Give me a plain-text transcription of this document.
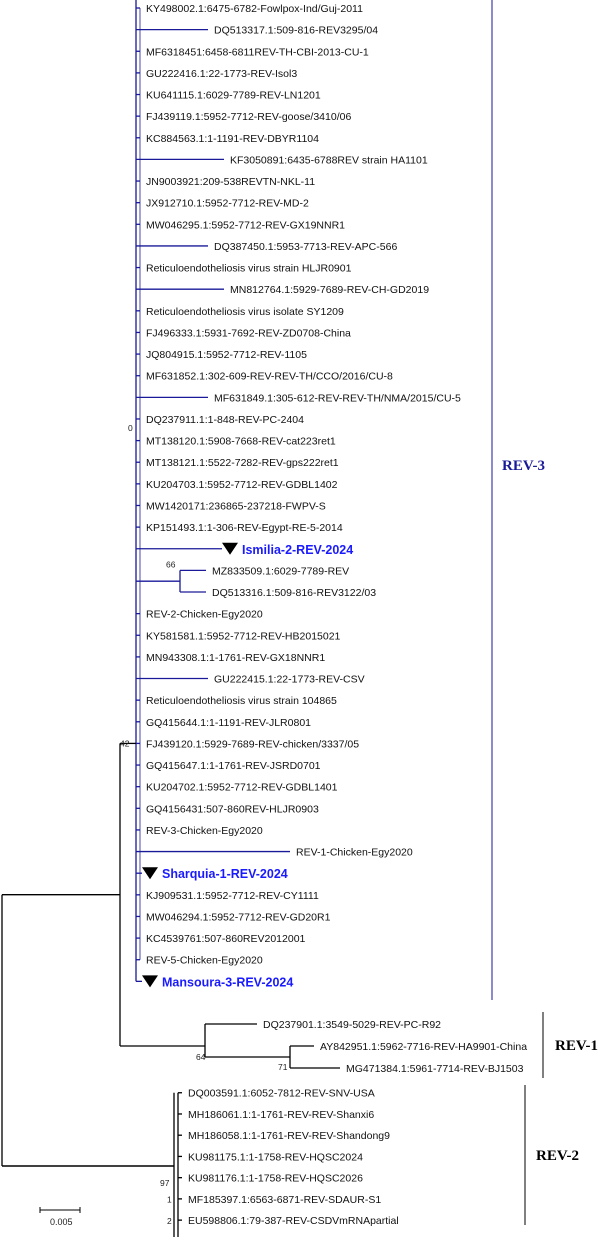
KY498002.1:6475-6782-Fowlpox-Ind/Guj-2011
DQ513317.1:509-816-REV3295/04
MF6318451:6458-6811REV-TH-CBI-2013-CU-1
GU222416.1:22-1773-REV-Isol3
KU641115.1:6029-7789-REV-LN1201
FJ439119.1:5952-7712-REV-goose/3410/06
KC884563.1:1-1191-REV-DBYR1104
KF3050891:6435-6788REV strain HA1101
JN9003921:209-538REVTN-NKL-11
JX912710.1:5952-7712-REV-MD-2
MW046295.1:5952-7712-REV-GX19NNR1
DQ387450.1:5953-7713-REV-APC-566
Reticuloendotheliosis virus strain HLJR0901
MN812764.1:5929-7689-REV-CH-GD2019
Reticuloendotheliosis virus isolate SY1209
FJ496333.1:5931-7692-REV-ZD0708-China
JQ804915.1:5952-7712-REV-1105
MF631852.1:302-609-REV-REV-TH/CCO/2016/CU-8
MF631849.1:305-612-REV-REV-TH/NMA/2015/CU-5
DQ237911.1:1-848-REV-PC-2404
MT138120.1:5908-7668-REV-cat223ret1
MT138121.1:5522-7282-REV-gps222ret1
KU204703.1:5952-7712-REV-GDBL1402
MW1420171:236865-237218-FWPV-S
KP151493.1:1-306-REV-Egypt-RE-5-2014
Ismilia-2-REV-2024
REV-2-Chicken-Egy2020
KY581581.1:5952-7712-REV-HB2015021
MN943308.1:1-1761-REV-GX18NNR1
GU222415.1:22-1773-REV-CSV
Reticuloendotheliosis virus strain 104865
GQ415644.1:1-1191-REV-JLR0801
FJ439120.1:5929-7689-REV-chicken/3337/05
GQ415647.1:1-1761-REV-JSRD0701
KU204702.1:5952-7712-REV-GDBL1401
GQ4156431:507-860REV-HLJR0903
REV-3-Chicken-Egy2020
REV-1-Chicken-Egy2020
Sharquia-1-REV-2024
KJ909531.1:5952-7712-REV-CY1111
MW046294.1:5952-7712-REV-GD20R1
KC4539761:507-860REV2012001
REV-5-Chicken-Egy2020
Mansoura-3-REV-2024
MZ833509.1:6029-7789-REV
DQ513316.1:509-816-REV3122/03
66
0
42
REV-3
DQ237901.1:3549-5029-REV-PC-R92
AY842951.1:5962-7716-REV-HA9901-China
MG471384.1:5961-7714-REV-BJ1503
64
71
REV-1
DQ003591.1:6052-7812-REV-SNV-USA
MH186061.1:1-1761-REV-REV-Shanxi6
MH186058.1:1-1761-REV-REV-Shandong9
KU981175.1:1-1758-REV-HQSC2024
KU981176.1:1-1758-REV-HQSC2026
MF185397.1:6563-6871-REV-SDAUR-S1
EU598806.1:79-387-REV-CSDVmRNApartial
97
1
2
REV-2
0.005
